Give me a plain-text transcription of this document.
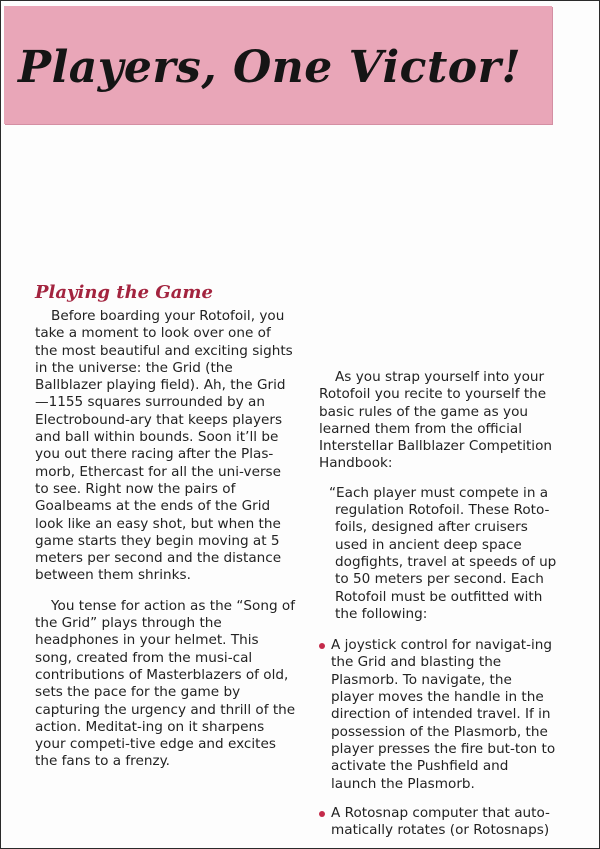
Players, One Victor!
Playing the Game

Before boarding your Rotofoil, you take a moment to look over one of the most beautiful and exciting sights in the universe: the Grid (the Ballblazer playing field). Ah, the Grid—1155 squares surrounded by an Electrobound-ary that keeps players and ball within bounds. Soon it’ll be you out there racing after the Plas-morb, Ethercast for all the uni-verse to see. Right now the pairs of Goalbeams at the ends of the Grid look like an easy shot, but when the game starts they begin moving at 5 meters per second and the distance between them shrinks.

You tense for action as the “Song of the Grid” plays through the headphones in your helmet. This song, created from the musi-cal contributions of Masterblazers of old, sets the pace for the game by capturing the urgency and thrill of the action. Meditat-ing on it sharpens your competi-tive edge and excites the fans to a frenzy.

As you strap yourself into your Rotofoil you recite to yourself the basic rules of the game as you learned them from the official Interstellar Ballblazer Competition Handbook:

“Each player must compete in a regulation Rotofoil. These Roto-foils, designed after cruisers used in ancient deep space dogfights, travel at speeds of up to 50 meters per second. Each Rotofoil must be outfitted with the following:

A joystick control for navigat-ing the Grid and blasting the Plasmorb. To navigate, the player moves the handle in the direction of intended travel. If in possession of the Plasmorb, the player presses the fire but-ton to activate the Pushfield and launch the Plasmorb.
A Rotosnap computer that auto-matically rotates (or Rotosnaps)
